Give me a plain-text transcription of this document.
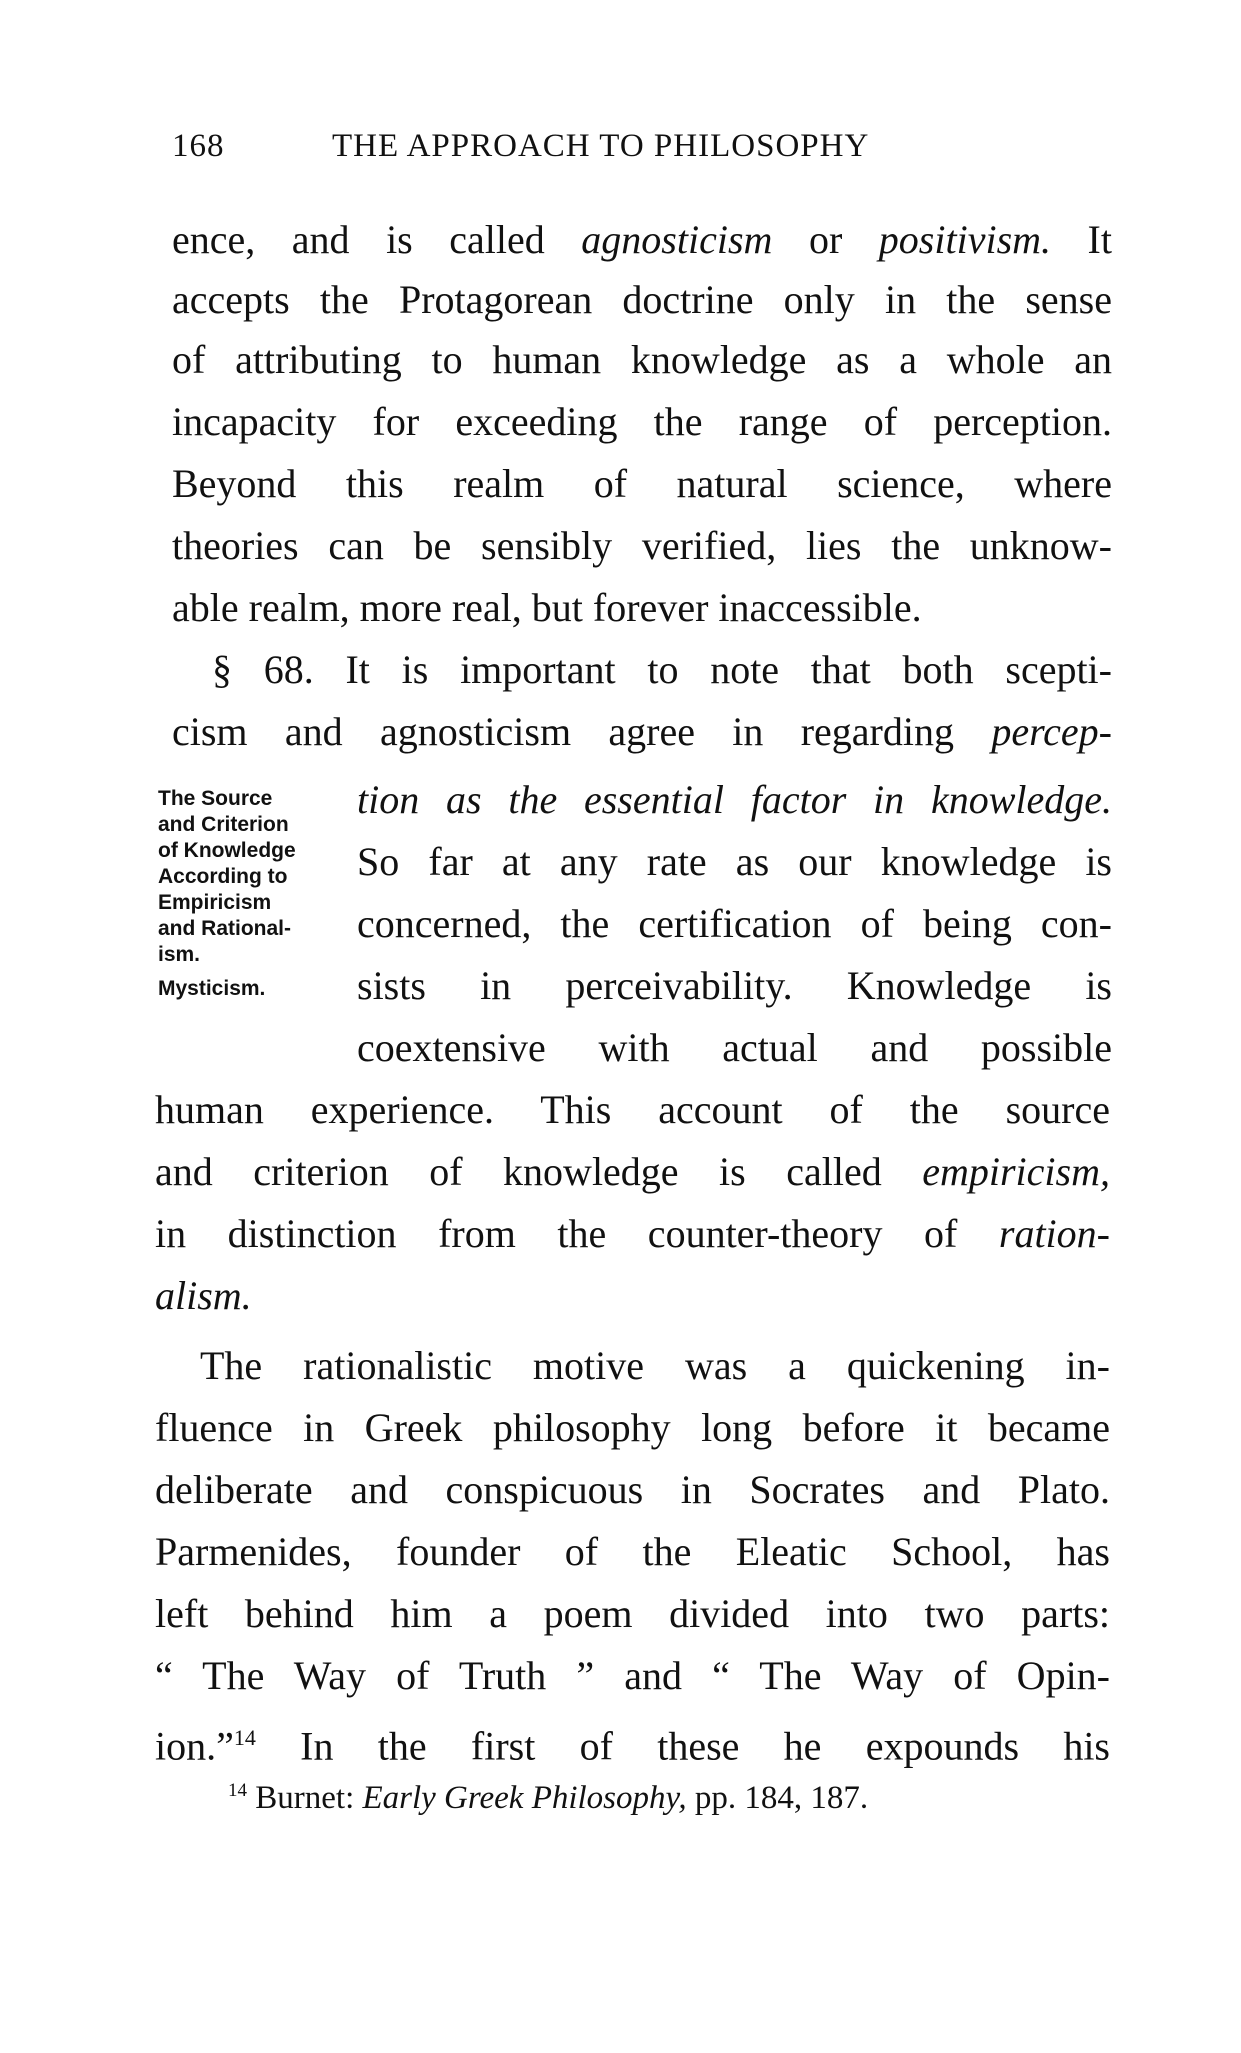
168	THE APPROACH TO PHILOSOPHY
ence, and is called agnosticism or positivism. It
accepts the Protagorean doctrine only in the sense
of attributing to human knowledge as a whole an
incapacity for exceeding the range of perception.
Beyond this realm of natural science, where
theories can be sensibly verified, lies the unknow-
able realm, more real, but forever inaccessible.
§ 68. It is important to note that both scepti-
cism and agnosticism agree in regarding percep-
The Source
and Criterion
of Knowledge
According to
Empiricism
and Rational-
ism.
Mysticism.
tion as the essential factor in knowledge.
So far at any rate as our knowledge is
concerned, the certification of being con-
sists in perceivability. Knowledge is
coextensive with actual and possible
human experience. This account of the source
and criterion of knowledge is called empiricism,
in distinction from the counter-theory of ration-
alism.
The rationalistic motive was a quickening in-
fluence in Greek philosophy long before it became
deliberate and conspicuous in Socrates and Plato.
Parmenides, founder of the Eleatic School, has
left behind him a poem divided into two parts:
“ The Way of Truth ” and “ The Way of Opin-
ion.”$^{14}$ In the first of these he expounds his
$^{14}$ Burnet: Early Greek Philosophy, pp. 184, 187.
